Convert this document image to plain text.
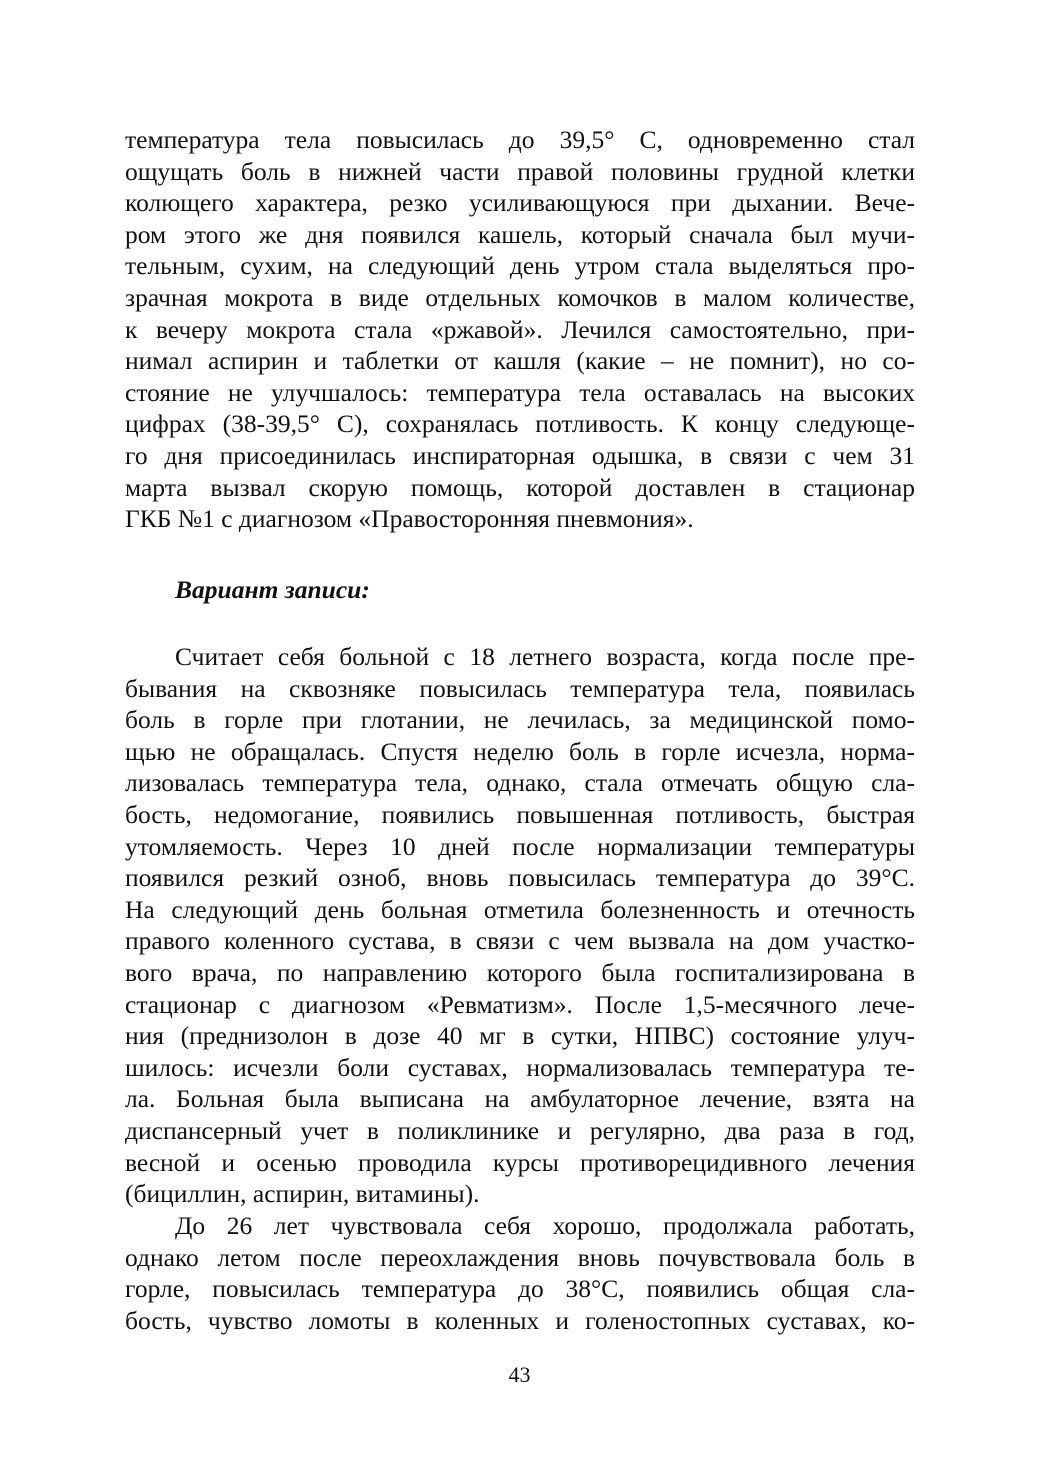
температура тела повысилась до 39,5° С, одновременно стал
ощущать боль в нижней части правой половины грудной клетки
колющего характера, резко усиливающуюся при дыхании. Вече-
ром этого же дня появился кашель, который сначала был мучи-
тельным, сухим, на следующий день утром стала выделяться про-
зрачная мокрота в виде отдельных комочков в малом количестве,
к вечеру мокрота стала «ржавой». Лечился самостоятельно, при-
нимал аспирин и таблетки от кашля (какие – не помнит), но со-
стояние не улучшалось: температура тела оставалась на высоких
цифрах (38-39,5° С), сохранялась потливость. К концу следующе-
го дня присоединилась инспираторная одышка, в связи с чем 31
марта вызвал скорую помощь, которой доставлен в стационар
ГКБ №1 с диагнозом «Правосторонняя пневмония».
Вариант записи:
Считает себя больной с 18 летнего возраста, когда после пре-
бывания на сквозняке повысилась температура тела, появилась
боль в горле при глотании, не лечилась, за медицинской помо-
щью не обращалась. Спустя неделю боль в горле исчезла, норма-
лизовалась температура тела, однако, стала отмечать общую сла-
бость, недомогание, появились повышенная потливость, быстрая
утомляемость. Через 10 дней после нормализации температуры
появился резкий озноб, вновь повысилась температура до 39°С.
На следующий день больная отметила болезненность и отечность
правого коленного сустава, в связи с чем вызвала на дом участко-
вого врача, по направлению которого была госпитализирована в
стационар с диагнозом «Ревматизм». После 1,5-месячного лече-
ния (преднизолон в дозе 40 мг в сутки, НПВС) состояние улуч-
шилось: исчезли боли суставах, нормализовалась температура те-
ла. Больная была выписана на амбулаторное лечение, взята на
диспансерный учет в поликлинике и регулярно, два раза в год,
весной и осенью проводила курсы противорецидивного лечения
(бициллин, аспирин, витамины).
До 26 лет чувствовала себя хорошо, продолжала работать,
однако летом после переохлаждения вновь почувствовала боль в
горле, повысилась температура до 38°С, появились общая сла-
бость, чувство ломоты в коленных и голеностопных суставах, ко-
43
